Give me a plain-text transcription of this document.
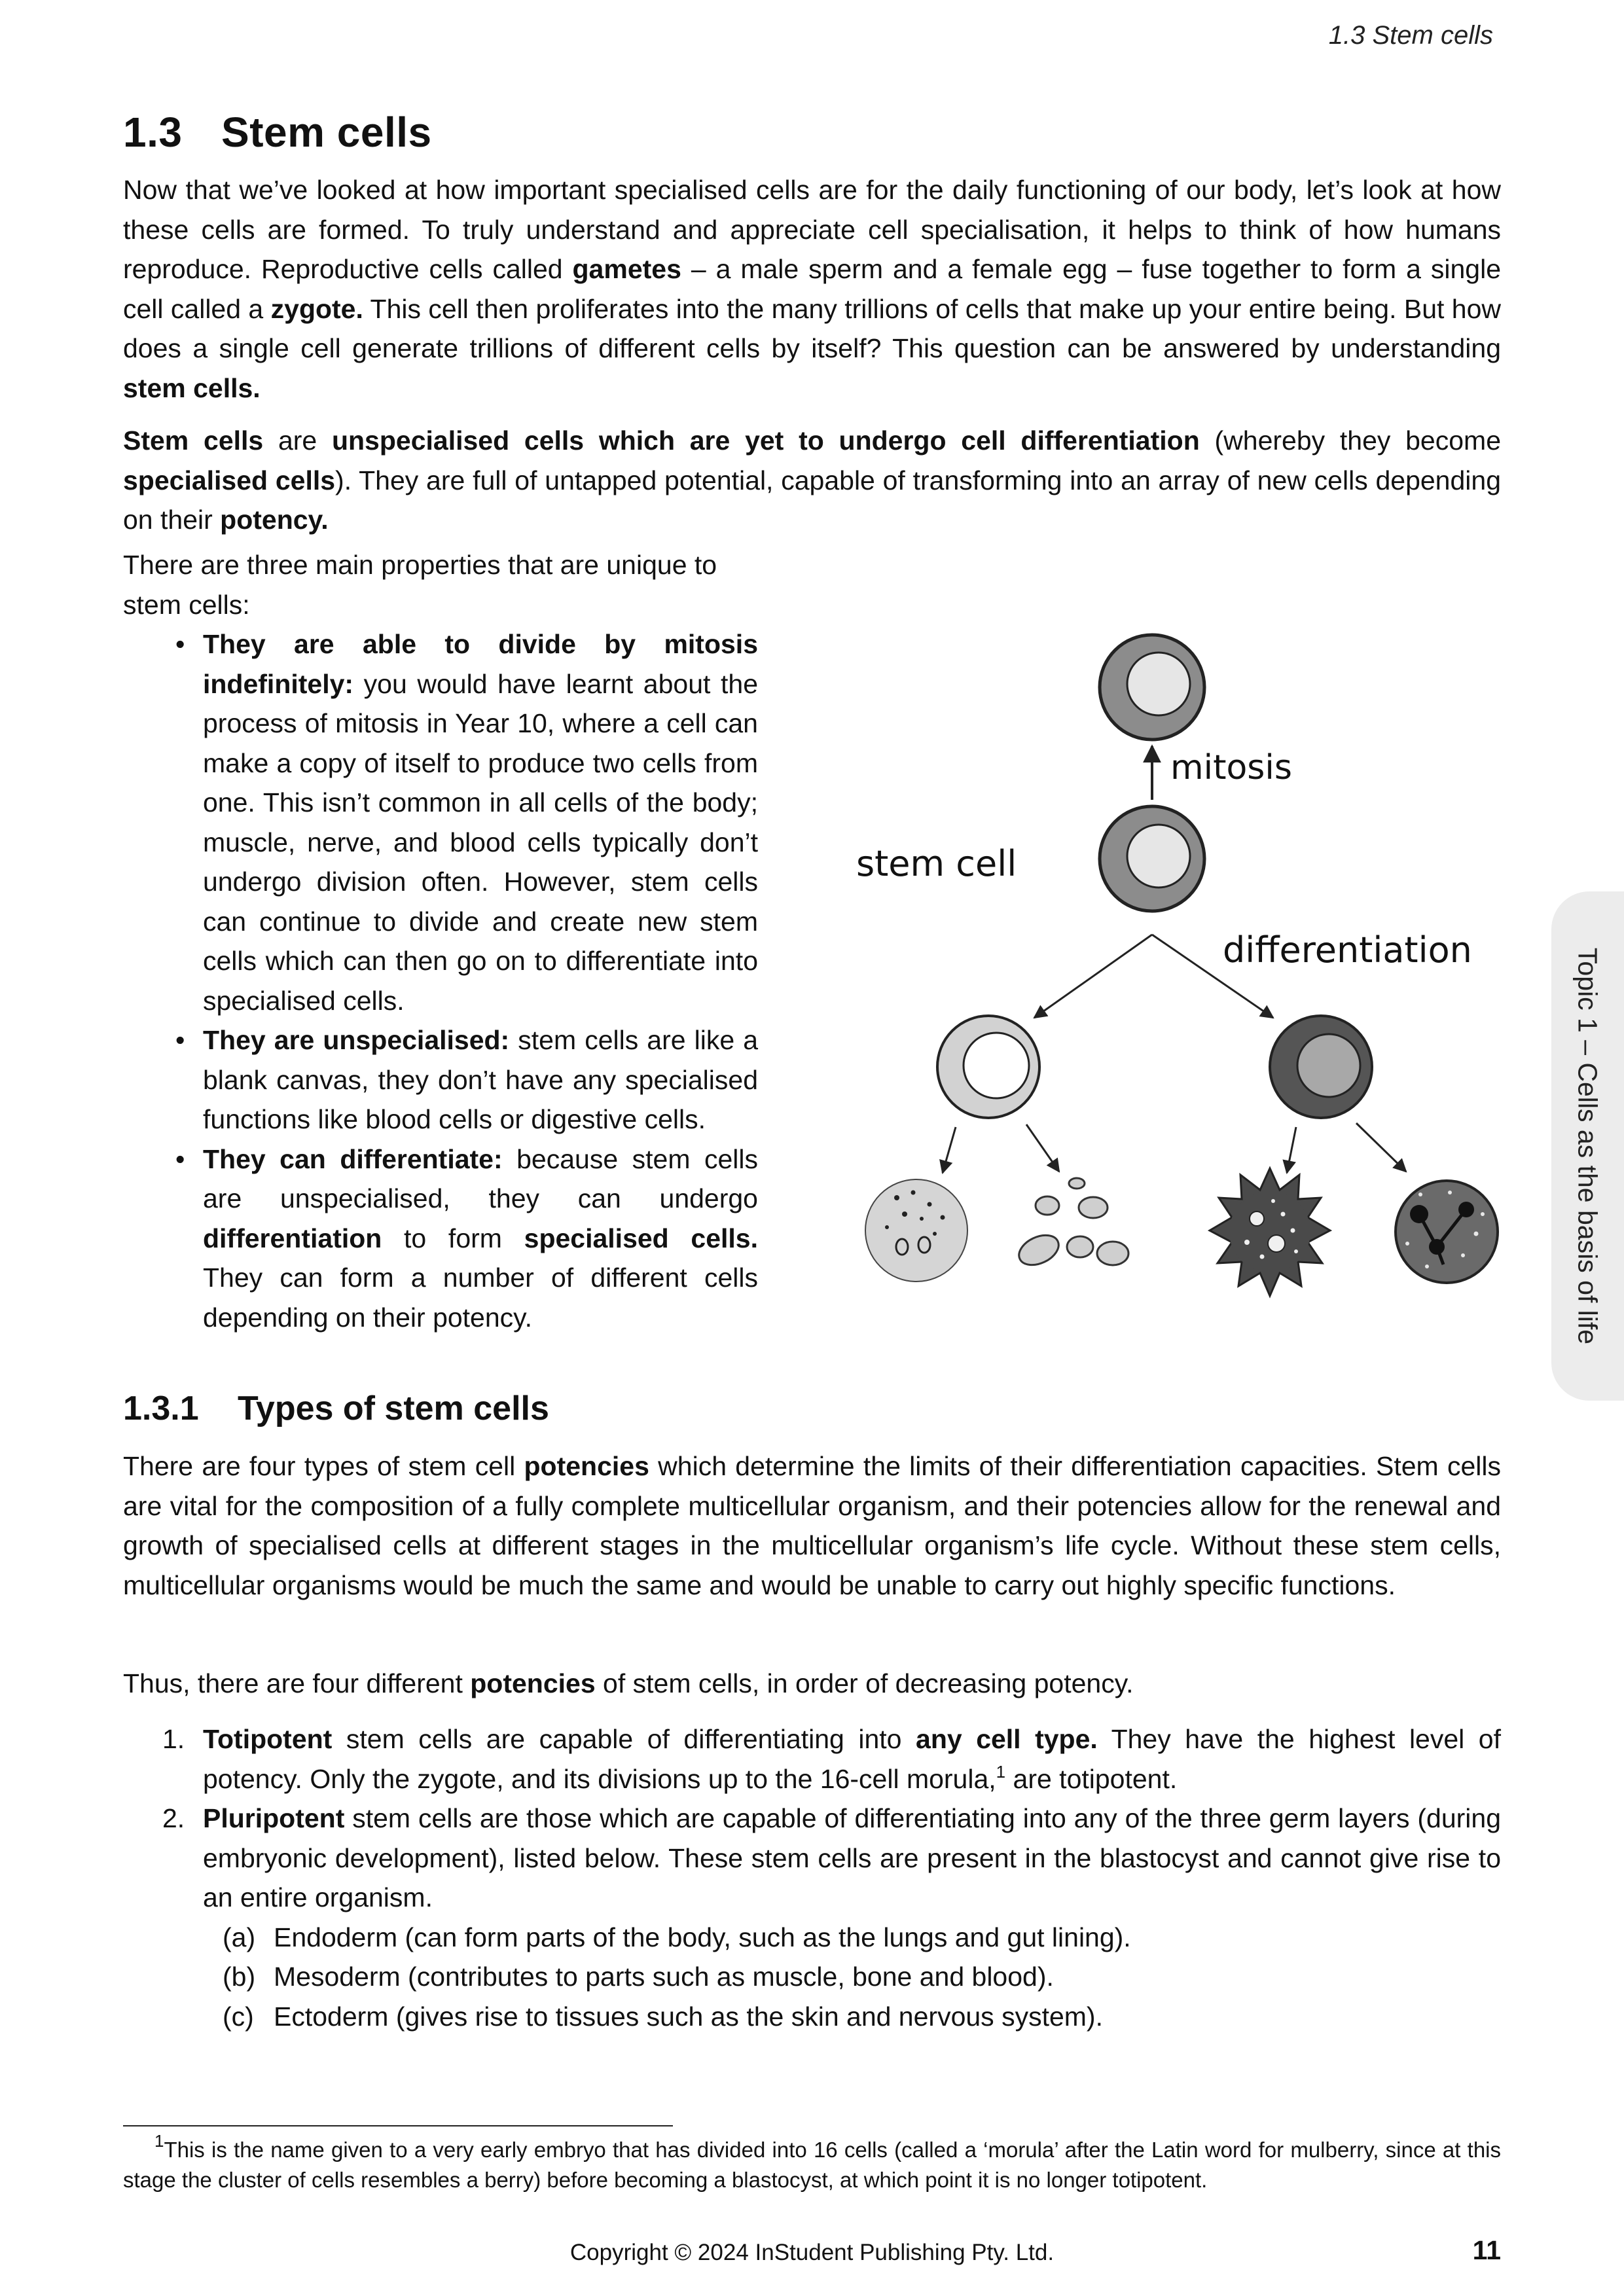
1.3 Stem cells
1.3 Stem cells

Now that we’ve looked at how important specialised cells are for the daily functioning of our body, let’s look at how these cells are formed. To truly understand and appreciate cell specialisation, it helps to think of how humans reproduce. Reproductive cells called gametes – a male sperm and a female egg – fuse together to form a single cell called a zygote. This cell then proliferates into the many trillions of cells that make up your entire being. But how does a single cell generate trillions of different cells by itself? This question can be answered by understanding stem cells.

Stem cells are unspecialised cells which are yet to undergo cell differentiation (whereby they become specialised cells). They are full of untapped potential, capable of transforming into an array of new cells depending on their potency.

There are three main properties that are unique to stem cells:

• They are able to divide by mitosis indefinitely: you would have learnt about the process of mitosis in Year 10, where a cell can make a copy of itself to produce two cells from one. This isn’t common in all cells of the body; muscle, nerve, and blood cells typically don’t undergo division often. However, stem cells can continue to divide and create new stem cells which can then go on to differentiate into specialised cells.
• They are unspecialised: stem cells are like a blank canvas, they don’t have any specialised functions like blood cells or digestive cells.
• They can differentiate: because stem cells are unspecialised, they can undergo differentiation to form specialised cells. They can form a number of different cells depending on their potency.
mitosis
stem cell
differentiation
1.3.1 Types of stem cells

There are four types of stem cell potencies which determine the limits of their differentiation capacities. Stem cells are vital for the composition of a fully complete multicellular organism, and their potencies allow for the renewal and growth of specialised cells at different stages in the multicellular organism’s life cycle. Without these stem cells, multicellular organisms would be much the same and would be unable to carry out highly specific functions.

Thus, there are four different potencies of stem cells, in order of decreasing potency.

1. Totipotent stem cells are capable of differentiating into any cell type. They have the highest level of potency. Only the zygote, and its divisions up to the 16-cell morula,$^1$ are totipotent.
2. Pluripotent stem cells are those which are capable of differentiating into any of the three germ layers (during embryonic development), listed below. These stem cells are present in the blastocyst and cannot give rise to an entire organism.
(a) Endoderm (can form parts of the body, such as the lungs and gut lining).
(b) Mesoderm (contributes to parts such as muscle, bone and blood).
(c) Ectoderm (gives rise to tissues such as the skin and nervous system).

$^1$This is the name given to a very early embryo that has divided into 16 cells (called a ‘morula’ after the Latin word for mulberry, since at this stage the cluster of cells resembles a berry) before becoming a blastocyst, at which point it is no longer totipotent.

Copyright © 2024 InStudent Publishing Pty. Ltd.	11
Topic 1 – Cells as the basis of life
